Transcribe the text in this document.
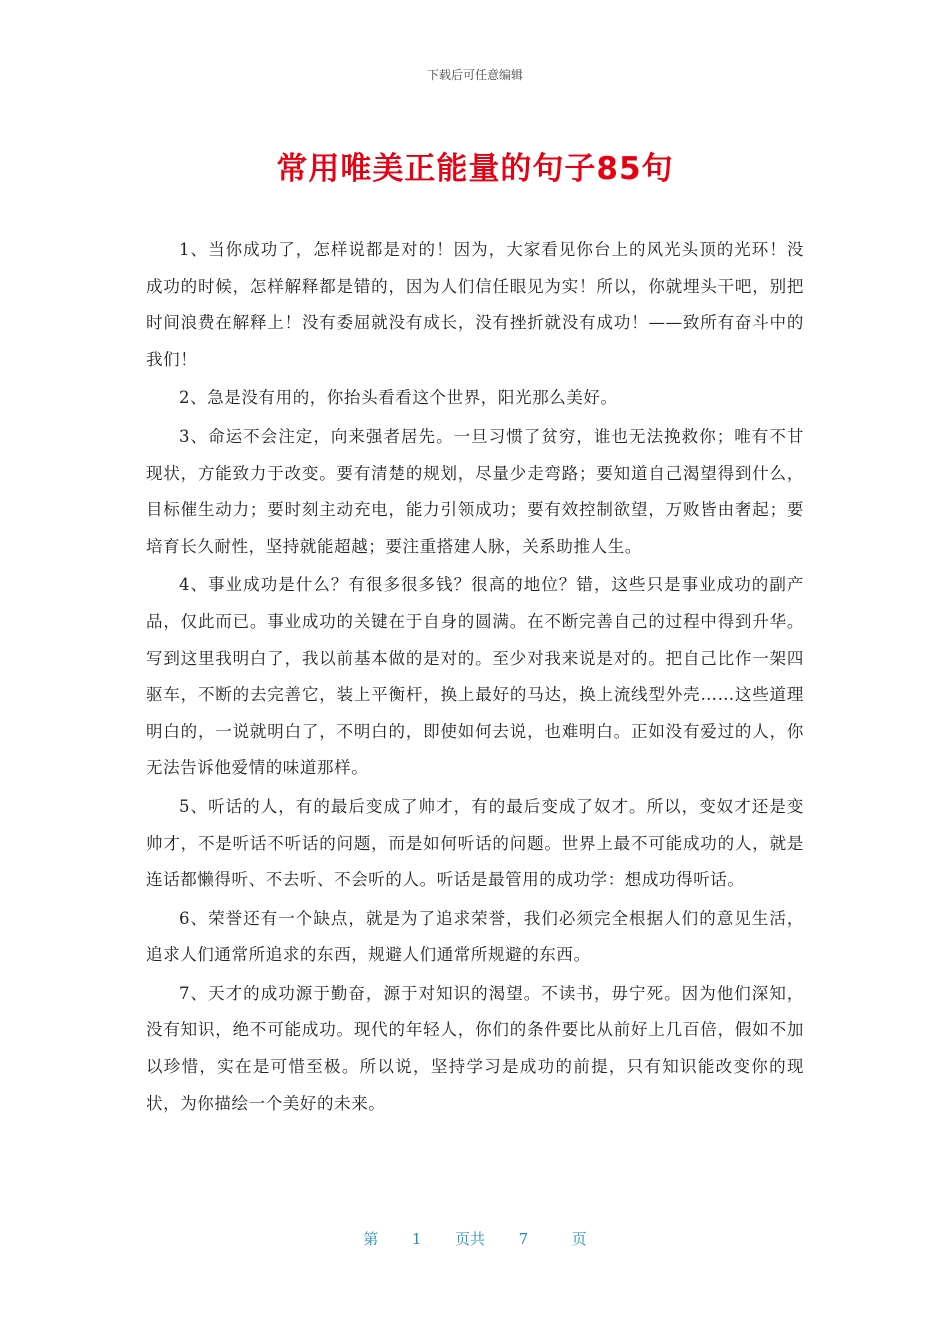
下载后可任意编辑
常用唯美正能量的句子85句

1、当你成功了，怎样说都是对的！因为，大家看见你台上的风光头顶的光环！没成功的时候，怎样解释都是错的，因为人们信任眼见为实！所以，你就埋头干吧，别把时间浪费在解释上！没有委屈就没有成长，没有挫折就没有成功！——致所有奋斗中的我们！

2、急是没有用的，你抬头看看这个世界，阳光那么美好。

3、命运不会注定，向来强者居先。一旦习惯了贫穷，谁也无法挽救你；唯有不甘现状，方能致力于改变。要有清楚的规划，尽量少走弯路；要知道自己渴望得到什么，目标催生动力；要时刻主动充电，能力引领成功；要有效控制欲望，万败皆由奢起；要培育长久耐性，坚持就能超越；要注重搭建人脉，关系助推人生。

4、事业成功是什么？有很多很多钱？很高的地位？错，这些只是事业成功的副产品，仅此而已。事业成功的关键在于自身的圆满。在不断完善自己的过程中得到升华。写到这里我明白了，我以前基本做的是对的。至少对我来说是对的。把自己比作一架四驱车，不断的去完善它，装上平衡杆，换上最好的马达，换上流线型外壳……这些道理明白的，一说就明白了，不明白的，即使如何去说，也难明白。正如没有爱过的人，你无法告诉他爱情的味道那样。

5、听话的人，有的最后变成了帅才，有的最后变成了奴才。所以，变奴才还是变帅才，不是听话不听话的问题，而是如何听话的问题。世界上最不可能成功的人，就是连话都懒得听、不去听、不会听的人。听话是最管用的成功学：想成功得听话。

6、荣誉还有一个缺点，就是为了追求荣誉，我们必须完全根据人们的意见生活，追求人们通常所追求的东西，规避人们通常所规避的东西。

7、天才的成功源于勤奋，源于对知识的渴望。不读书，毋宁死。因为他们深知，没有知识，绝不可能成功。现代的年轻人，你们的条件要比从前好上几百倍，假如不加以珍惜，实在是可惜至极。所以说，坚持学习是成功的前提，只有知识能改变你的现状，为你描绘一个美好的未来。

第 1 页共 7	页
